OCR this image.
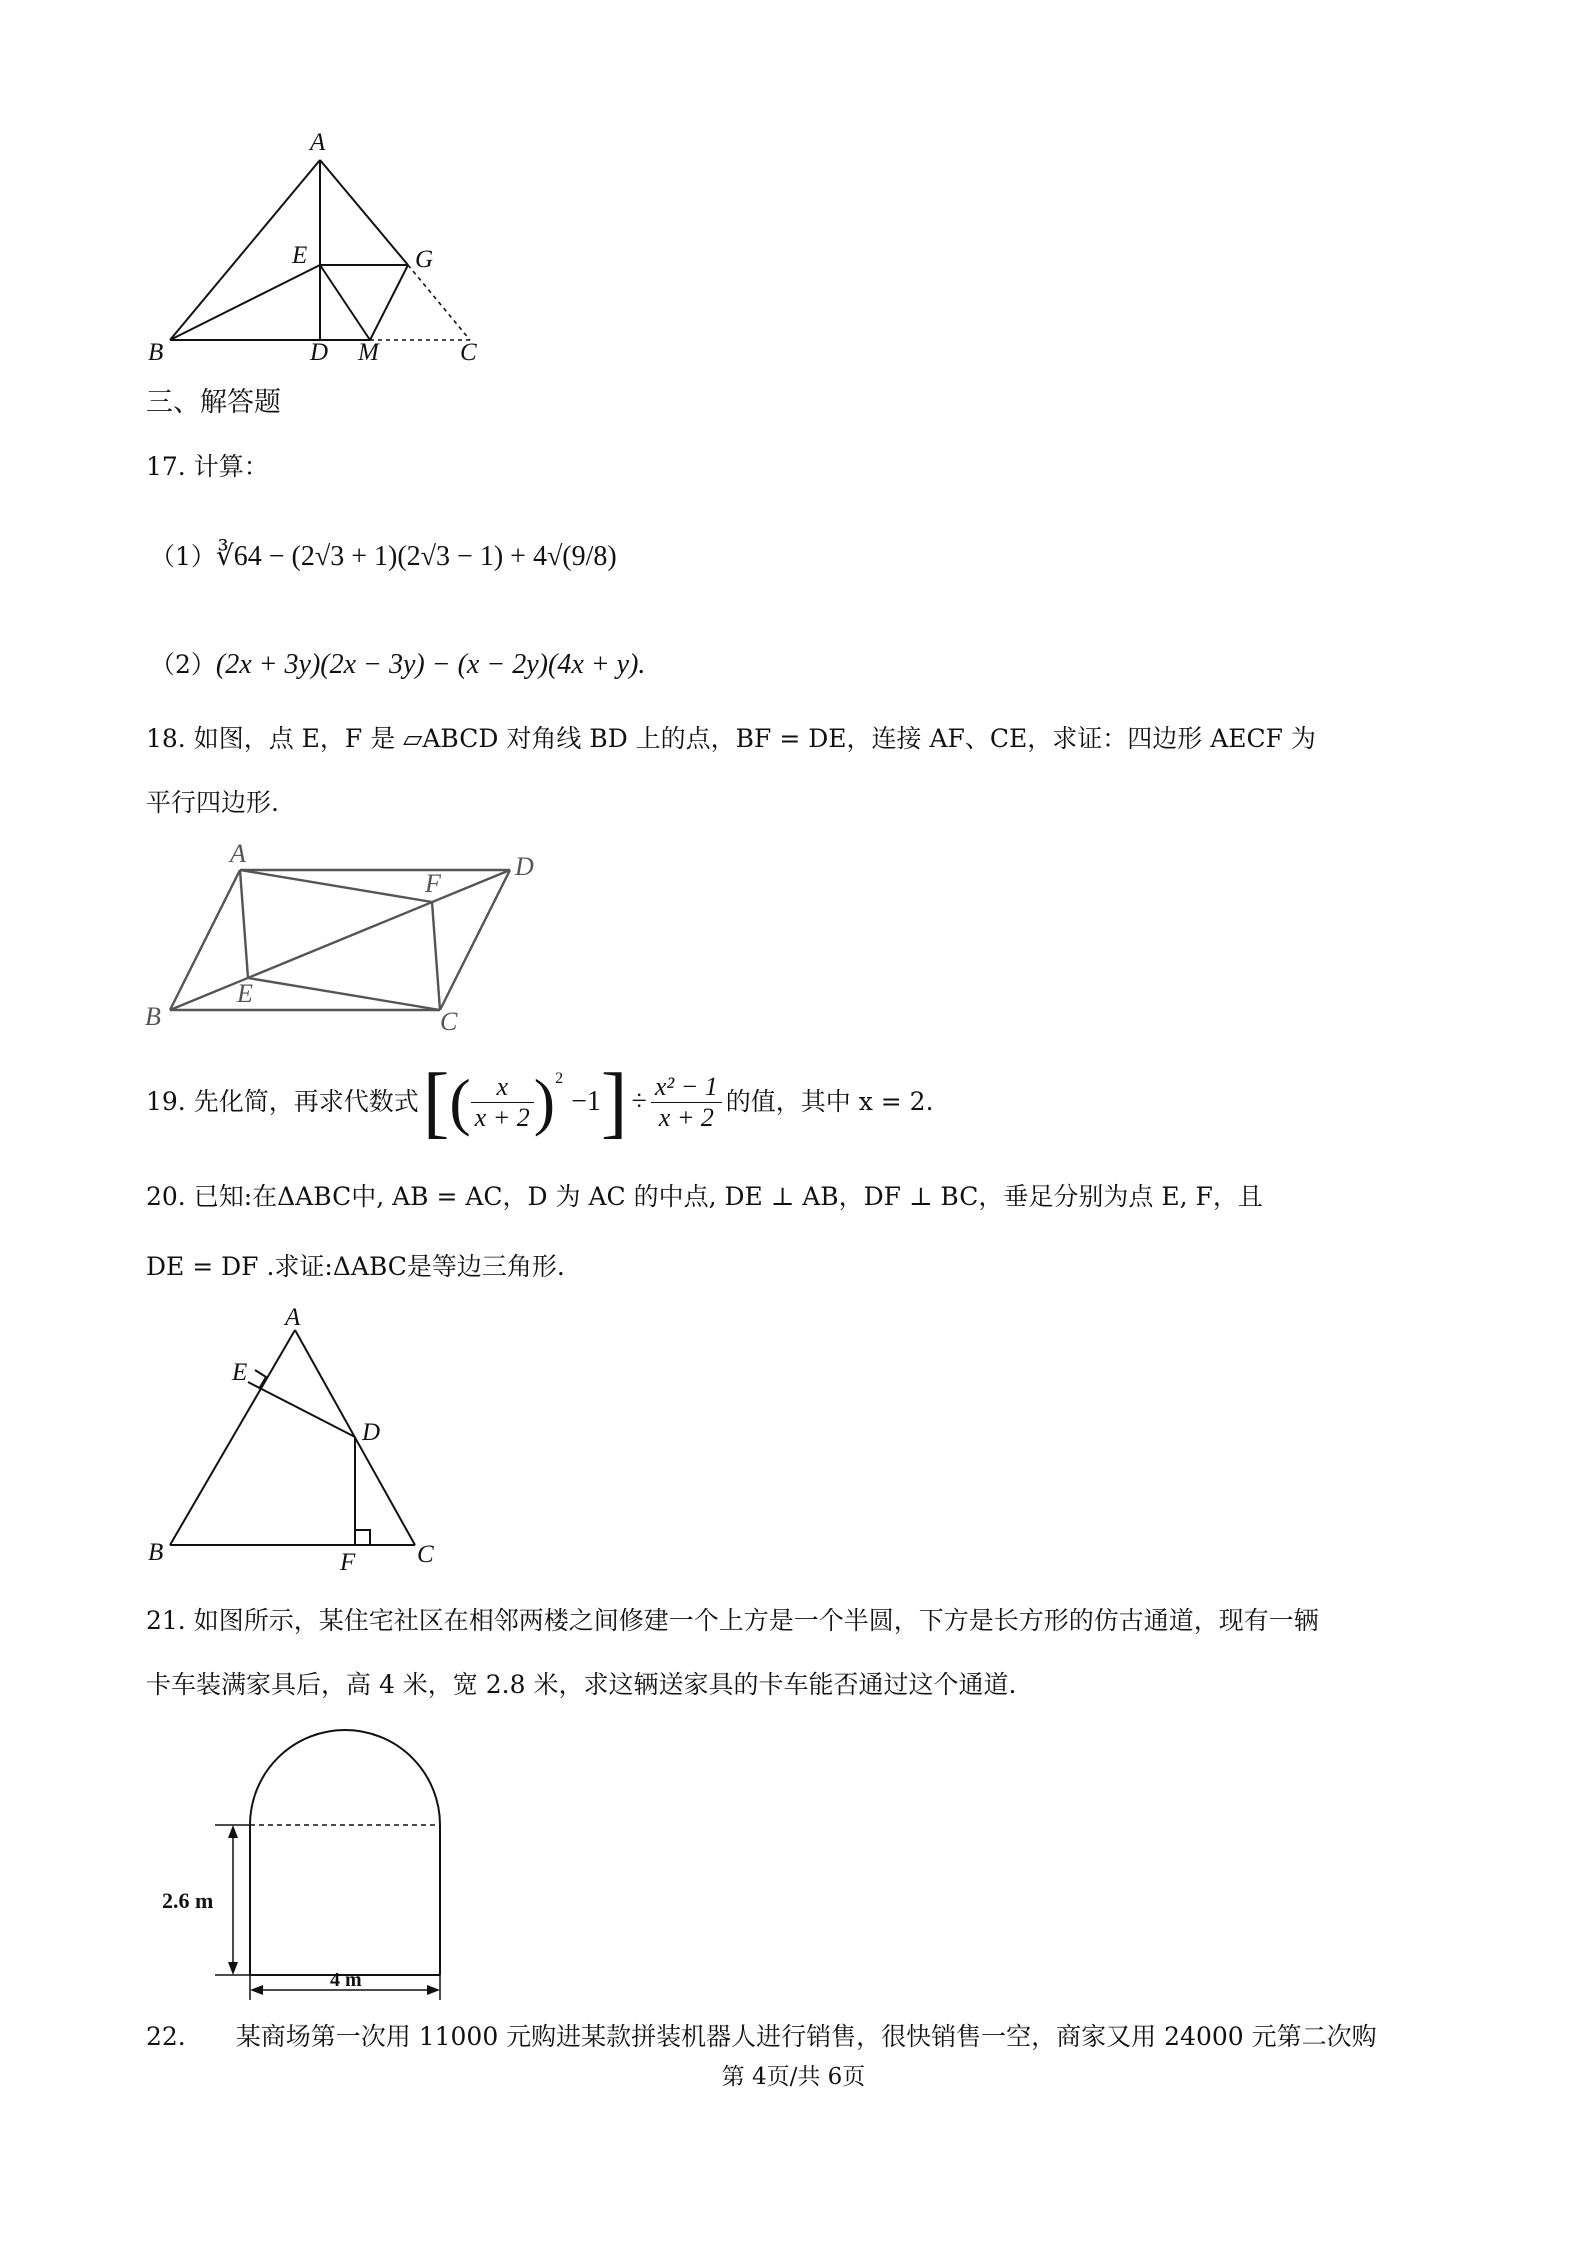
A
E	G
B	D M	C
三、解答题
17. 计算：
（1）∛64 − (2√3 + 1)(2√3 − 1) + 4√(9/8)
（2）(2x + 3y)(2x − 3y) − (x − 2y)(4x + y).
18. 如图，点 E，F 是 ▱ABCD 对角线 BD 上的点，BF = DE，连接 AF、CE，求证：四边形 AECF 为
平行四边形.
A	D
F
B
E
C
19. 先化简，再求代数式 [ ( $\frac{x}{x + 2}$ ) 2
−1 ] ÷ $\frac{\text{x² − 1}}{x + 2}$ 的值，其中 x = 2.
20. 已知:在ΔABC中, AB = AC，D 为 AC 的中点, DE ⊥ AB，DF ⊥ BC，垂足分别为点 E, F，且
DE = DF .求证:ΔABC是等边三角形.
A
E
D
B	F C
21. 如图所示，某住宅社区在相邻两楼之间修建一个上方是一个半圆，下方是长方形的仿古通道，现有一辆
卡车装满家具后，高 4 米，宽 2.8 米，求这辆送家具的卡车能否通过这个通道.
2.6 m
4 m
22.　　某商场第一次用 11000 元购进某款拼装机器人进行销售，很快销售一空，商家又用 24000 元第二次购
第 4页/共 6页
